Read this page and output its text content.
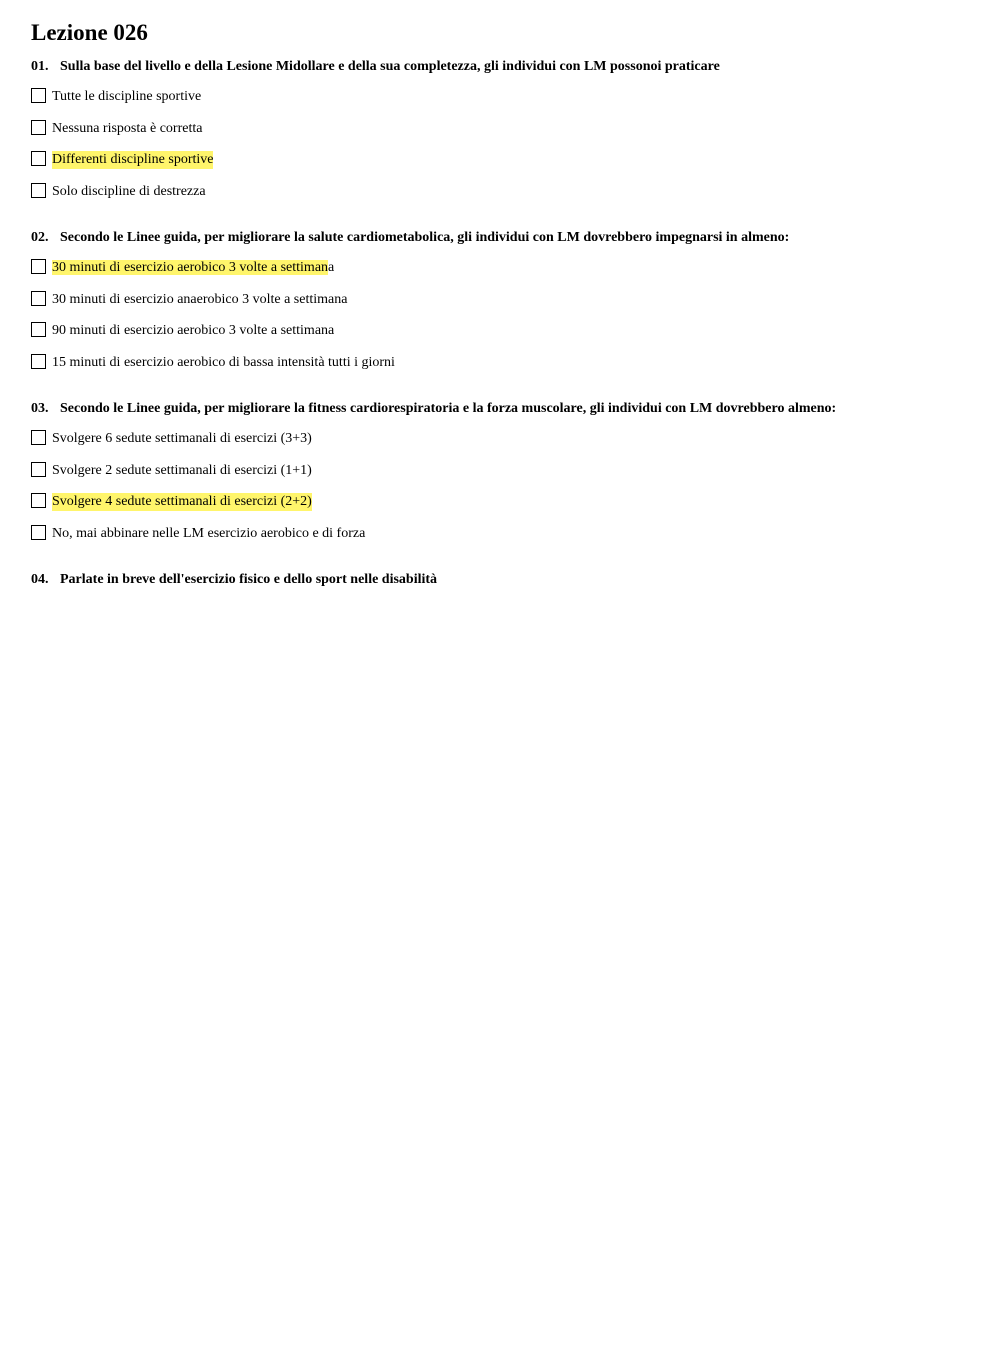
Lezione 026
01. Sulla base del livello e della Lesione Midollare e della sua completezza, gli individui con LM possonoi praticare
Tutte le discipline sportive
Nessuna risposta è corretta
Differenti discipline sportive
Solo discipline di destrezza
02. Secondo le Linee guida, per migliorare la salute cardiometabolica, gli individui con LM dovrebbero impegnarsi in almeno:
30 minuti di esercizio aerobico 3 volte a settimana
30 minuti di esercizio anaerobico 3 volte a settimana
90 minuti di esercizio aerobico 3 volte a settimana
15 minuti di esercizio aerobico di bassa intensità tutti i giorni
03. Secondo le Linee guida, per migliorare la fitness cardiorespiratoria e la forza muscolare, gli individui con LM dovrebbero almeno:
Svolgere 6 sedute settimanali di esercizi (3+3)
Svolgere 2 sedute settimanali di esercizi (1+1)
Svolgere 4 sedute settimanali di esercizi (2+2)
No, mai abbinare nelle LM esercizio aerobico e di forza
04. Parlate in breve dell'esercizio fisico e dello sport nelle disabilità
